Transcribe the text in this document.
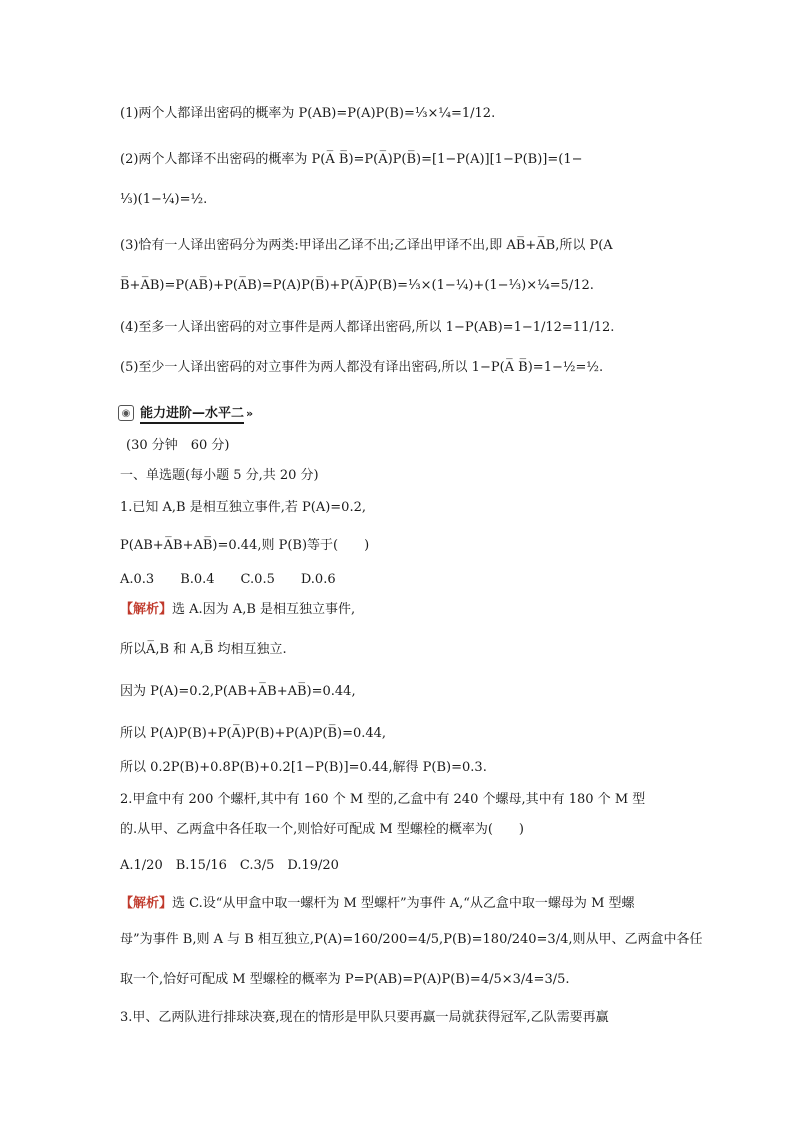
(1)两个人都译出密码的概率为 P(AB)=P(A)P(B)=⅓×¼=1/12.
(2)两个人都译不出密码的概率为 P(A̅ B̅)=P(A̅)P(B̅)=[1−P(A)][1−P(B)]=(1−
⅓)(1−¼)=½.
(3)恰有一人译出密码分为两类:甲译出乙译不出;乙译出甲译不出,即 AB̅+A̅B,所以 P(A
B̅+A̅B)=P(AB̅)+P(A̅B)=P(A)P(B̅)+P(A̅)P(B)=⅓×(1−¼)+(1−⅓)×¼=5/12.
(4)至多一人译出密码的对立事件是两人都译出密码,所以 1−P(AB)=1−1/12=11/12.
(5)至少一人译出密码的对立事件为两人都没有译出密码,所以 1−P(A̅ B̅)=1−½=½.
◉ 能力进阶—水平二 »
(30 分钟　60 分)
一、单选题(每小题 5 分,共 20 分)
1.已知 A,B 是相互独立事件,若 P(A)=0.2,
P(AB+A̅B+AB̅)=0.44,则 P(B)等于(　　)
A.0.3　　B.0.4　　C.0.5　　D.0.6
【解析】选 A.因为 A,B 是相互独立事件,
所以A̅,B 和 A,B̅ 均相互独立.
因为 P(A)=0.2,P(AB+A̅B+AB̅)=0.44,
所以 P(A)P(B)+P(A̅)P(B)+P(A)P(B̅)=0.44,
所以 0.2P(B)+0.8P(B)+0.2[1−P(B)]=0.44,解得 P(B)=0.3.
2.甲盒中有 200 个螺杆,其中有 160 个 M 型的,乙盒中有 240 个螺母,其中有 180 个 M 型
的.从甲、乙两盒中各任取一个,则恰好可配成 M 型螺栓的概率为(　　)
A.1/20　B.15/16　C.3/5　D.19/20
【解析】选 C.设“从甲盒中取一螺杆为 M 型螺杆”为事件 A,“从乙盒中取一螺母为 M 型螺
母”为事件 B,则 A 与 B 相互独立,P(A)=160/200=4/5,P(B)=180/240=3/4,则从甲、乙两盒中各任
取一个,恰好可配成 M 型螺栓的概率为 P=P(AB)=P(A)P(B)=4/5×3/4=3/5.
3.甲、乙两队进行排球决赛,现在的情形是甲队只要再赢一局就获得冠军,乙队需要再赢
